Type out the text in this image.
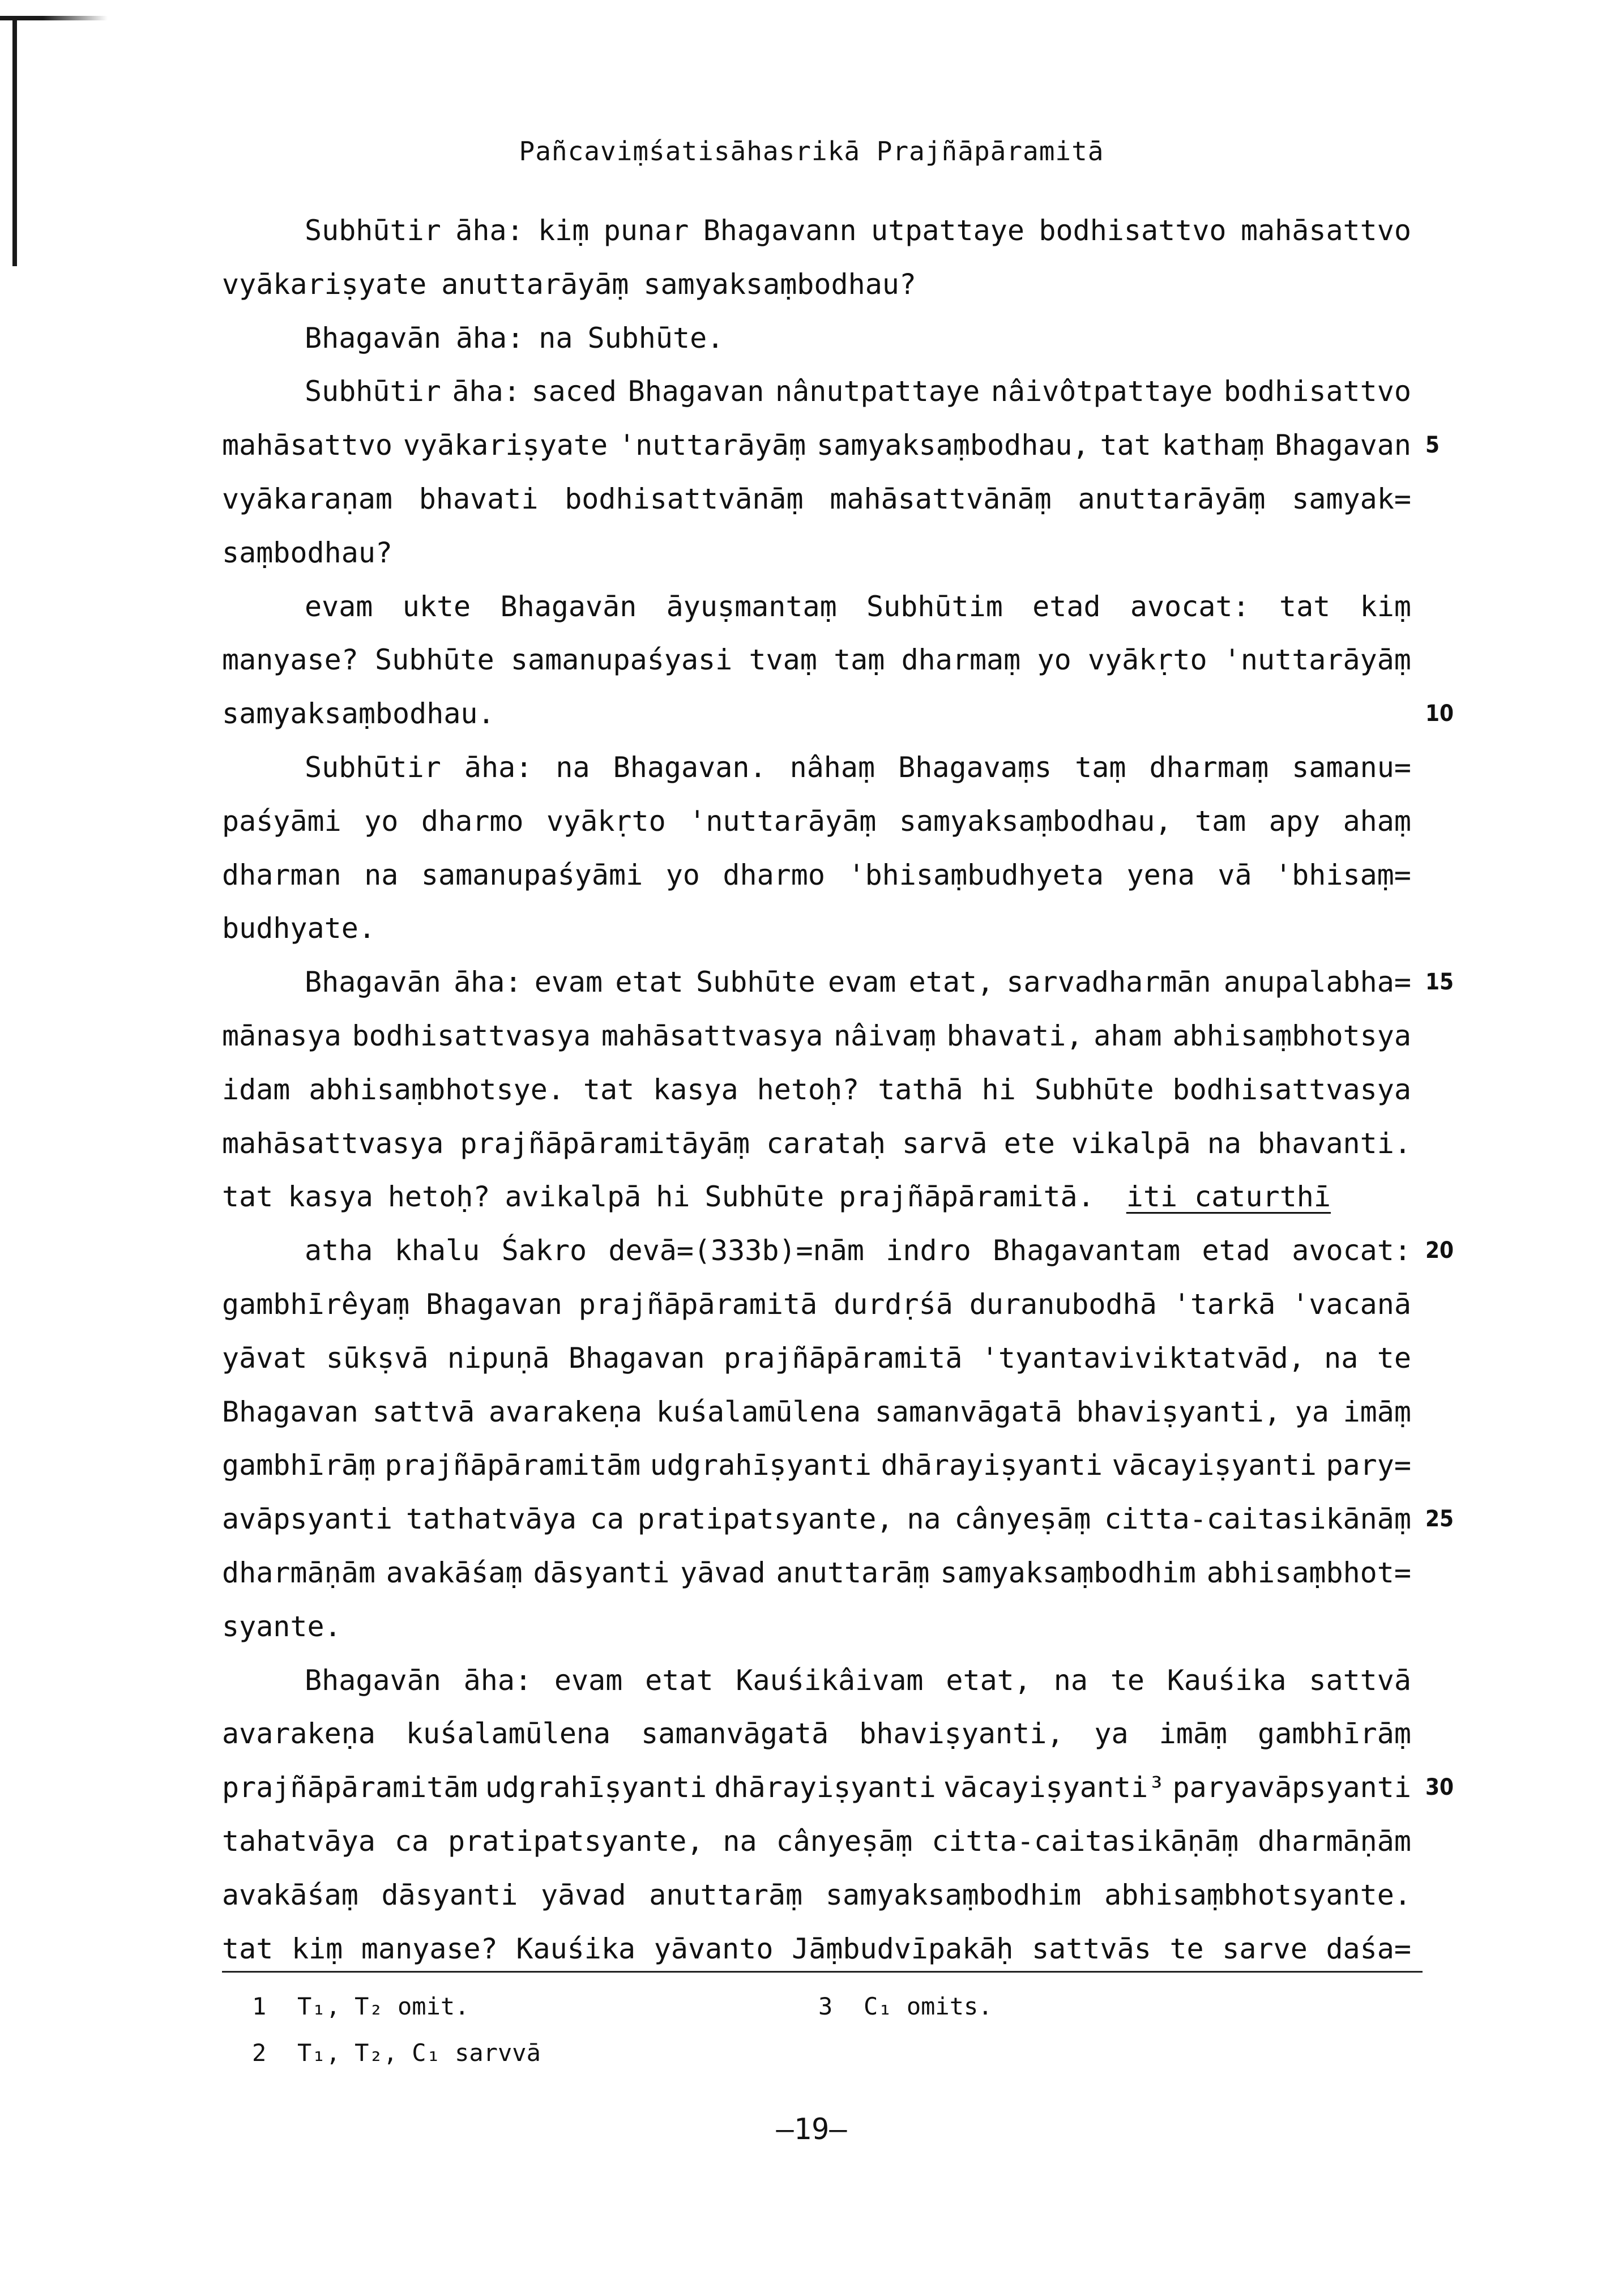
Pañcaviṃśatisāhasrikā Prajñāpāramitā
Subhūtir āha: kiṃ punar Bhagavann utpattaye bodhisattvo mahāsattvo
vyākariṣyate anuttarāyāṃ samyaksaṃbodhau?
Bhagavān āha: na Subhūte.
Subhūtir āha: saced Bhagavan nânutpattaye nâivôtpattaye bodhisattvo
mahāsattvo vyākariṣyate 'nuttarāyāṃ samyaksaṃbodhau, tat kathaṃ Bhagavan 5
vyākaraṇam bhavati bodhisattvānāṃ mahāsattvānāṃ anuttarāyāṃ samyak=
saṃbodhau?
evam ukte Bhagavān āyuṣmantaṃ Subhūtim etad avocat: tat kiṃ
manyase? Subhūte samanupaśyasi tvaṃ taṃ dharmaṃ yo vyākṛto 'nuttarāyāṃ
samyaksaṃbodhau.	10
Subhūtir āha: na Bhagavan. nâhaṃ Bhagavaṃs taṃ dharmaṃ samanu=
paśyāmi yo dharmo vyākṛto 'nuttarāyāṃ samyaksaṃbodhau, tam apy ahaṃ
dharman na samanupaśyāmi yo dharmo 'bhisaṃbudhyeta yena vā 'bhisaṃ=
budhyate.
Bhagavān āha: evam etat Subhūte evam etat, sarvadharmān anupalabha= 15
mānasya bodhisattvasya mahāsattvasya nâivaṃ bhavati, aham abhisaṃbhotsya
idam abhisaṃbhotsye. tat kasya hetoḥ? tathā hi Subhūte bodhisattvasya
mahāsattvasya prajñāpāramitāyāṃ carataḥ sarvā ete vikalpā na bhavanti.
tat kasya hetoḥ? avikalpā hi Subhūte prajñāpāramitā. iti caturthī
atha khalu Śakro devā=(333b)=nām indro Bhagavantam etad avocat: 20
gambhīrêyaṃ Bhagavan prajñāpāramitā durdṛśā duranubodhā 'tarkā 'vacanā
yāvat sūkṣvā nipuṇā Bhagavan prajñāpāramitā 'tyantaviviktatvād, na te
Bhagavan sattvā avarakeṇa kuśalamūlena samanvāgatā bhaviṣyanti, ya imāṃ
gambhīrāṃ prajñāpāramitām udgrahīṣyanti dhārayiṣyanti vācayiṣyanti pary=
avāpsyanti tathatvāya ca pratipatsyante, na cânyeṣāṃ citta-caitasikānāṃ 25
dharmāṇām avakāśaṃ dāsyanti yāvad anuttarāṃ samyaksaṃbodhim abhisaṃbhot=
syante.
Bhagavān āha: evam etat Kauśikâivam etat, na te Kauśika sattvā
avarakeṇa kuśalamūlena samanvāgatā bhaviṣyanti, ya imāṃ gambhīrāṃ
prajñāpāramitām udgrahīṣyanti dhārayiṣyanti vācayiṣyanti³ paryavāpsyanti 30
tahatvāya ca pratipatsyante, na cânyeṣāṃ citta-caitasikāṇāṃ dharmāṇām
avakāśaṃ dāsyanti yāvad anuttarāṃ samyaksaṃbodhim abhisaṃbhotsyante.
tat kiṃ manyase? Kauśika yāvanto Jāṃbudvīpakāḥ sattvās te sarve daśa=
1	T₁, T₂ omit.	3	C₁ omits.
2	T₁, T₂, C₁ sarvvā
—19—
